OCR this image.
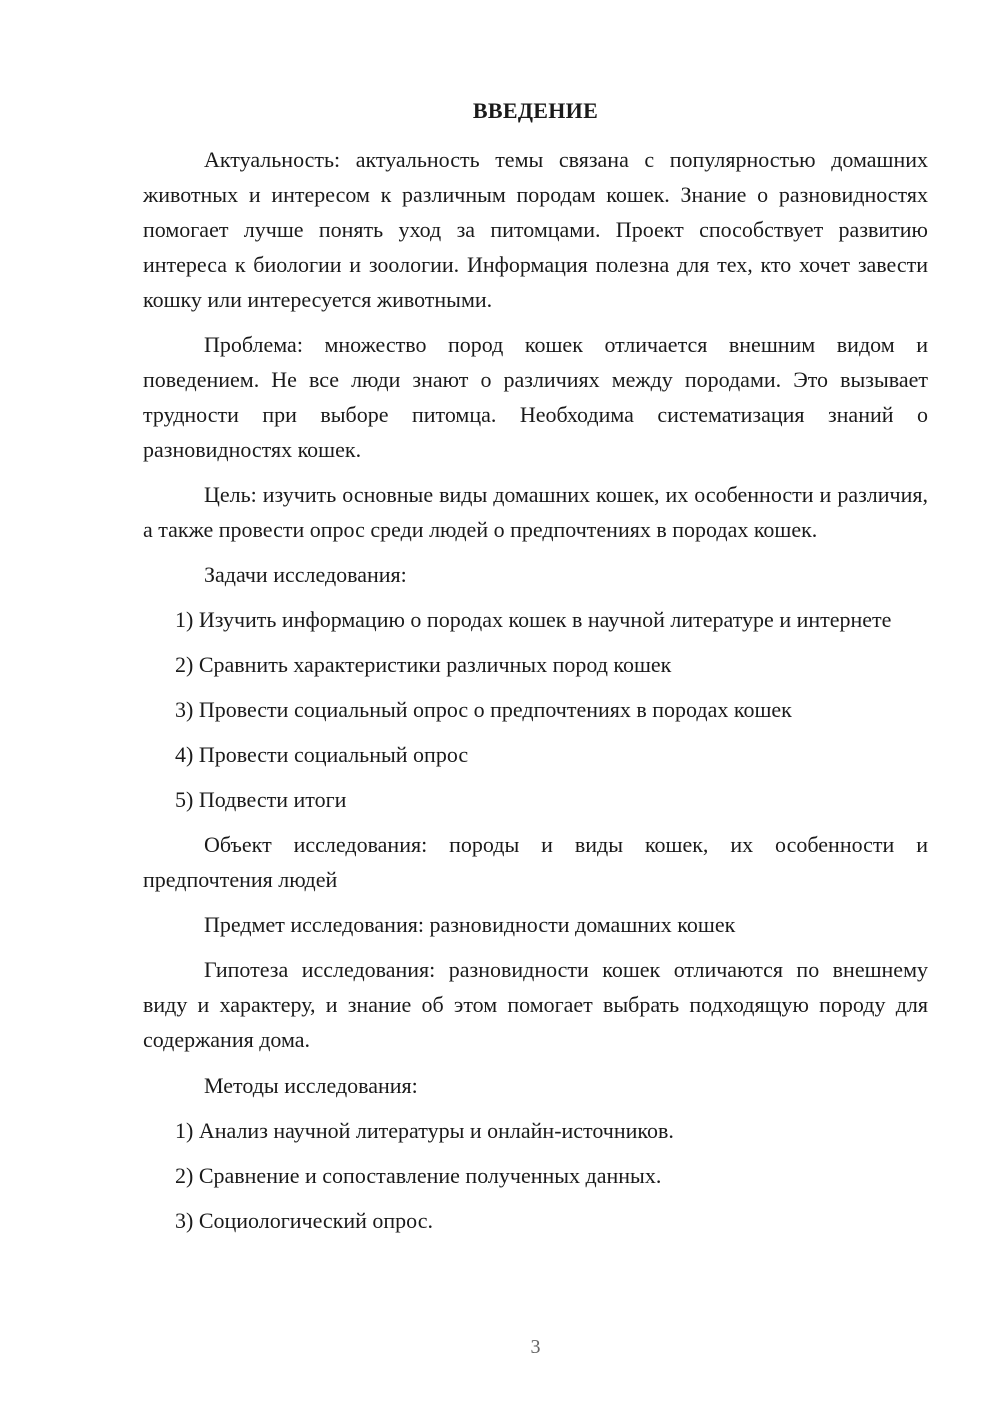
ВВЕДЕНИЕ

Актуальность: актуальность темы связана с популярностью домашних животных и интересом к различным породам кошек. Знание о разновидностях помогает лучше понять уход за питомцами. Проект способствует развитию интереса к биологии и зоологии. Информация полезна для тех, кто хочет завести кошку или интересуется животными.

Проблема: множество пород кошек отличается внешним видом и поведением. Не все люди знают о различиях между породами. Это вызывает трудности при выборе питомца. Необходима систематизация знаний о разновидностях кошек.

Цель: изучить основные виды домашних кошек, их особенности и различия, а также провести опрос среди людей о предпочтениях в породах кошек.

Задачи исследования:

1) Изучить информацию о породах кошек в научной литературе и интернете

2) Сравнить характеристики различных пород кошек

3) Провести социальный опрос о предпочтениях в породах кошек

4) Провести социальный опрос

5) Подвести итоги

Объект исследования: породы и виды кошек, их особенности и предпочтения людей

Предмет исследования: разновидности домашних кошек

Гипотеза исследования: разновидности кошек отличаются по внешнему виду и характеру, и знание об этом помогает выбрать подходящую породу для содержания дома.

Методы исследования:

1) Анализ научной литературы и онлайн-источников.

2) Сравнение и сопоставление полученных данных.

3) Социологический опрос.

3
